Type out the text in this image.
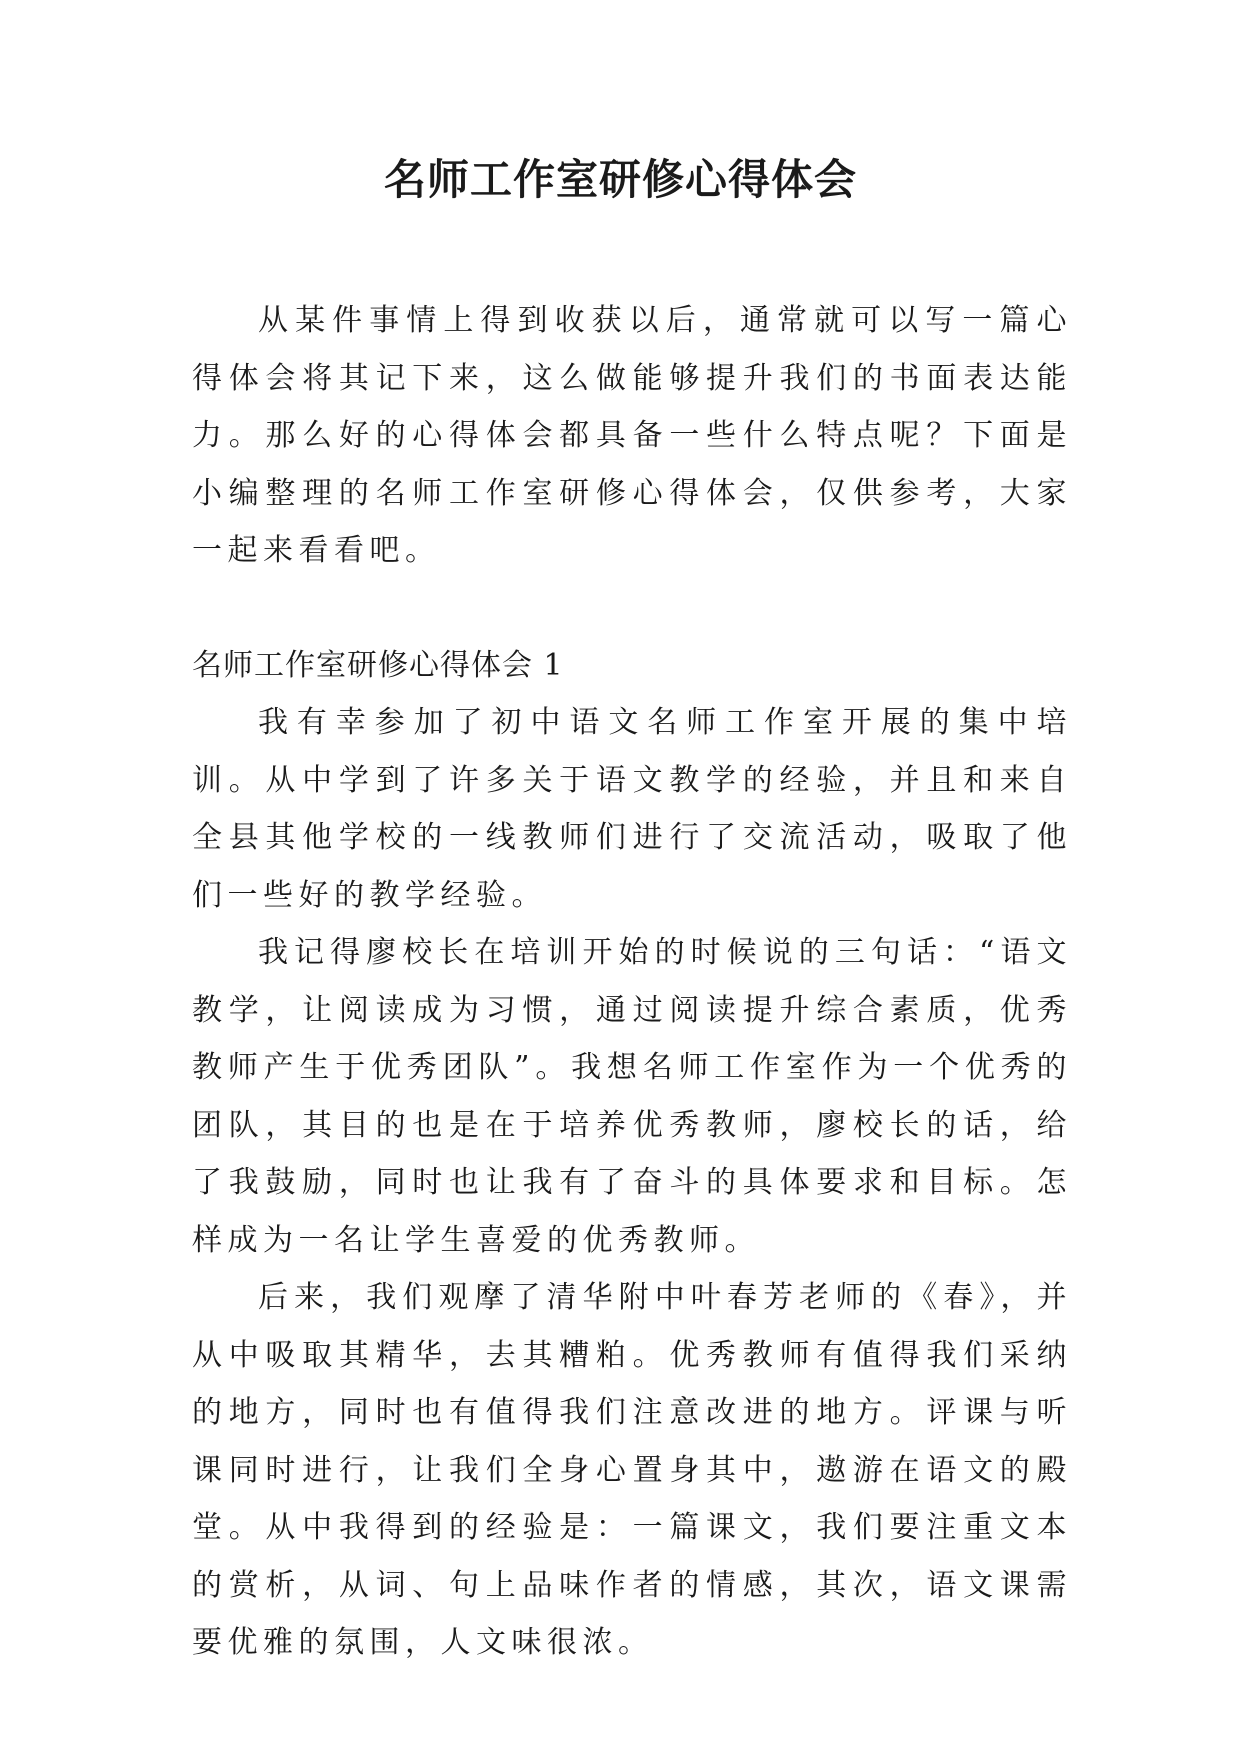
名师工作室研修心得体会

从某件事情上得到收获以后，通常就可以写一篇心得体会将其记下来，这么做能够提升我们的书面表达能力。那么好的心得体会都具备一些什么特点呢？下面是小编整理的名师工作室研修心得体会，仅供参考，大家一起来看看吧。

名师工作室研修心得体会 1

我有幸参加了初中语文名师工作室开展的集中培训。从中学到了许多关于语文教学的经验，并且和来自全县其他学校的一线教师们进行了交流活动，吸取了他们一些好的教学经验。

我记得廖校长在培训开始的时候说的三句话：“语文教学，让阅读成为习惯，通过阅读提升综合素质，优秀教师产生于优秀团队”。我想名师工作室作为一个优秀的团队，其目的也是在于培养优秀教师，廖校长的话，给了我鼓励，同时也让我有了奋斗的具体要求和目标。怎样成为一名让学生喜爱的优秀教师。

后来，我们观摩了清华附中叶春芳老师的《春》，并从中吸取其精华，去其糟粕。优秀教师有值得我们采纳的地方，同时也有值得我们注意改进的地方。评课与听课同时进行，让我们全身心置身其中，遨游在语文的殿堂。从中我得到的经验是：一篇课文，我们要注重文本的赏析，从词、句上品味作者的情感，其次，语文课需要优雅的氛围，人文味很浓。
